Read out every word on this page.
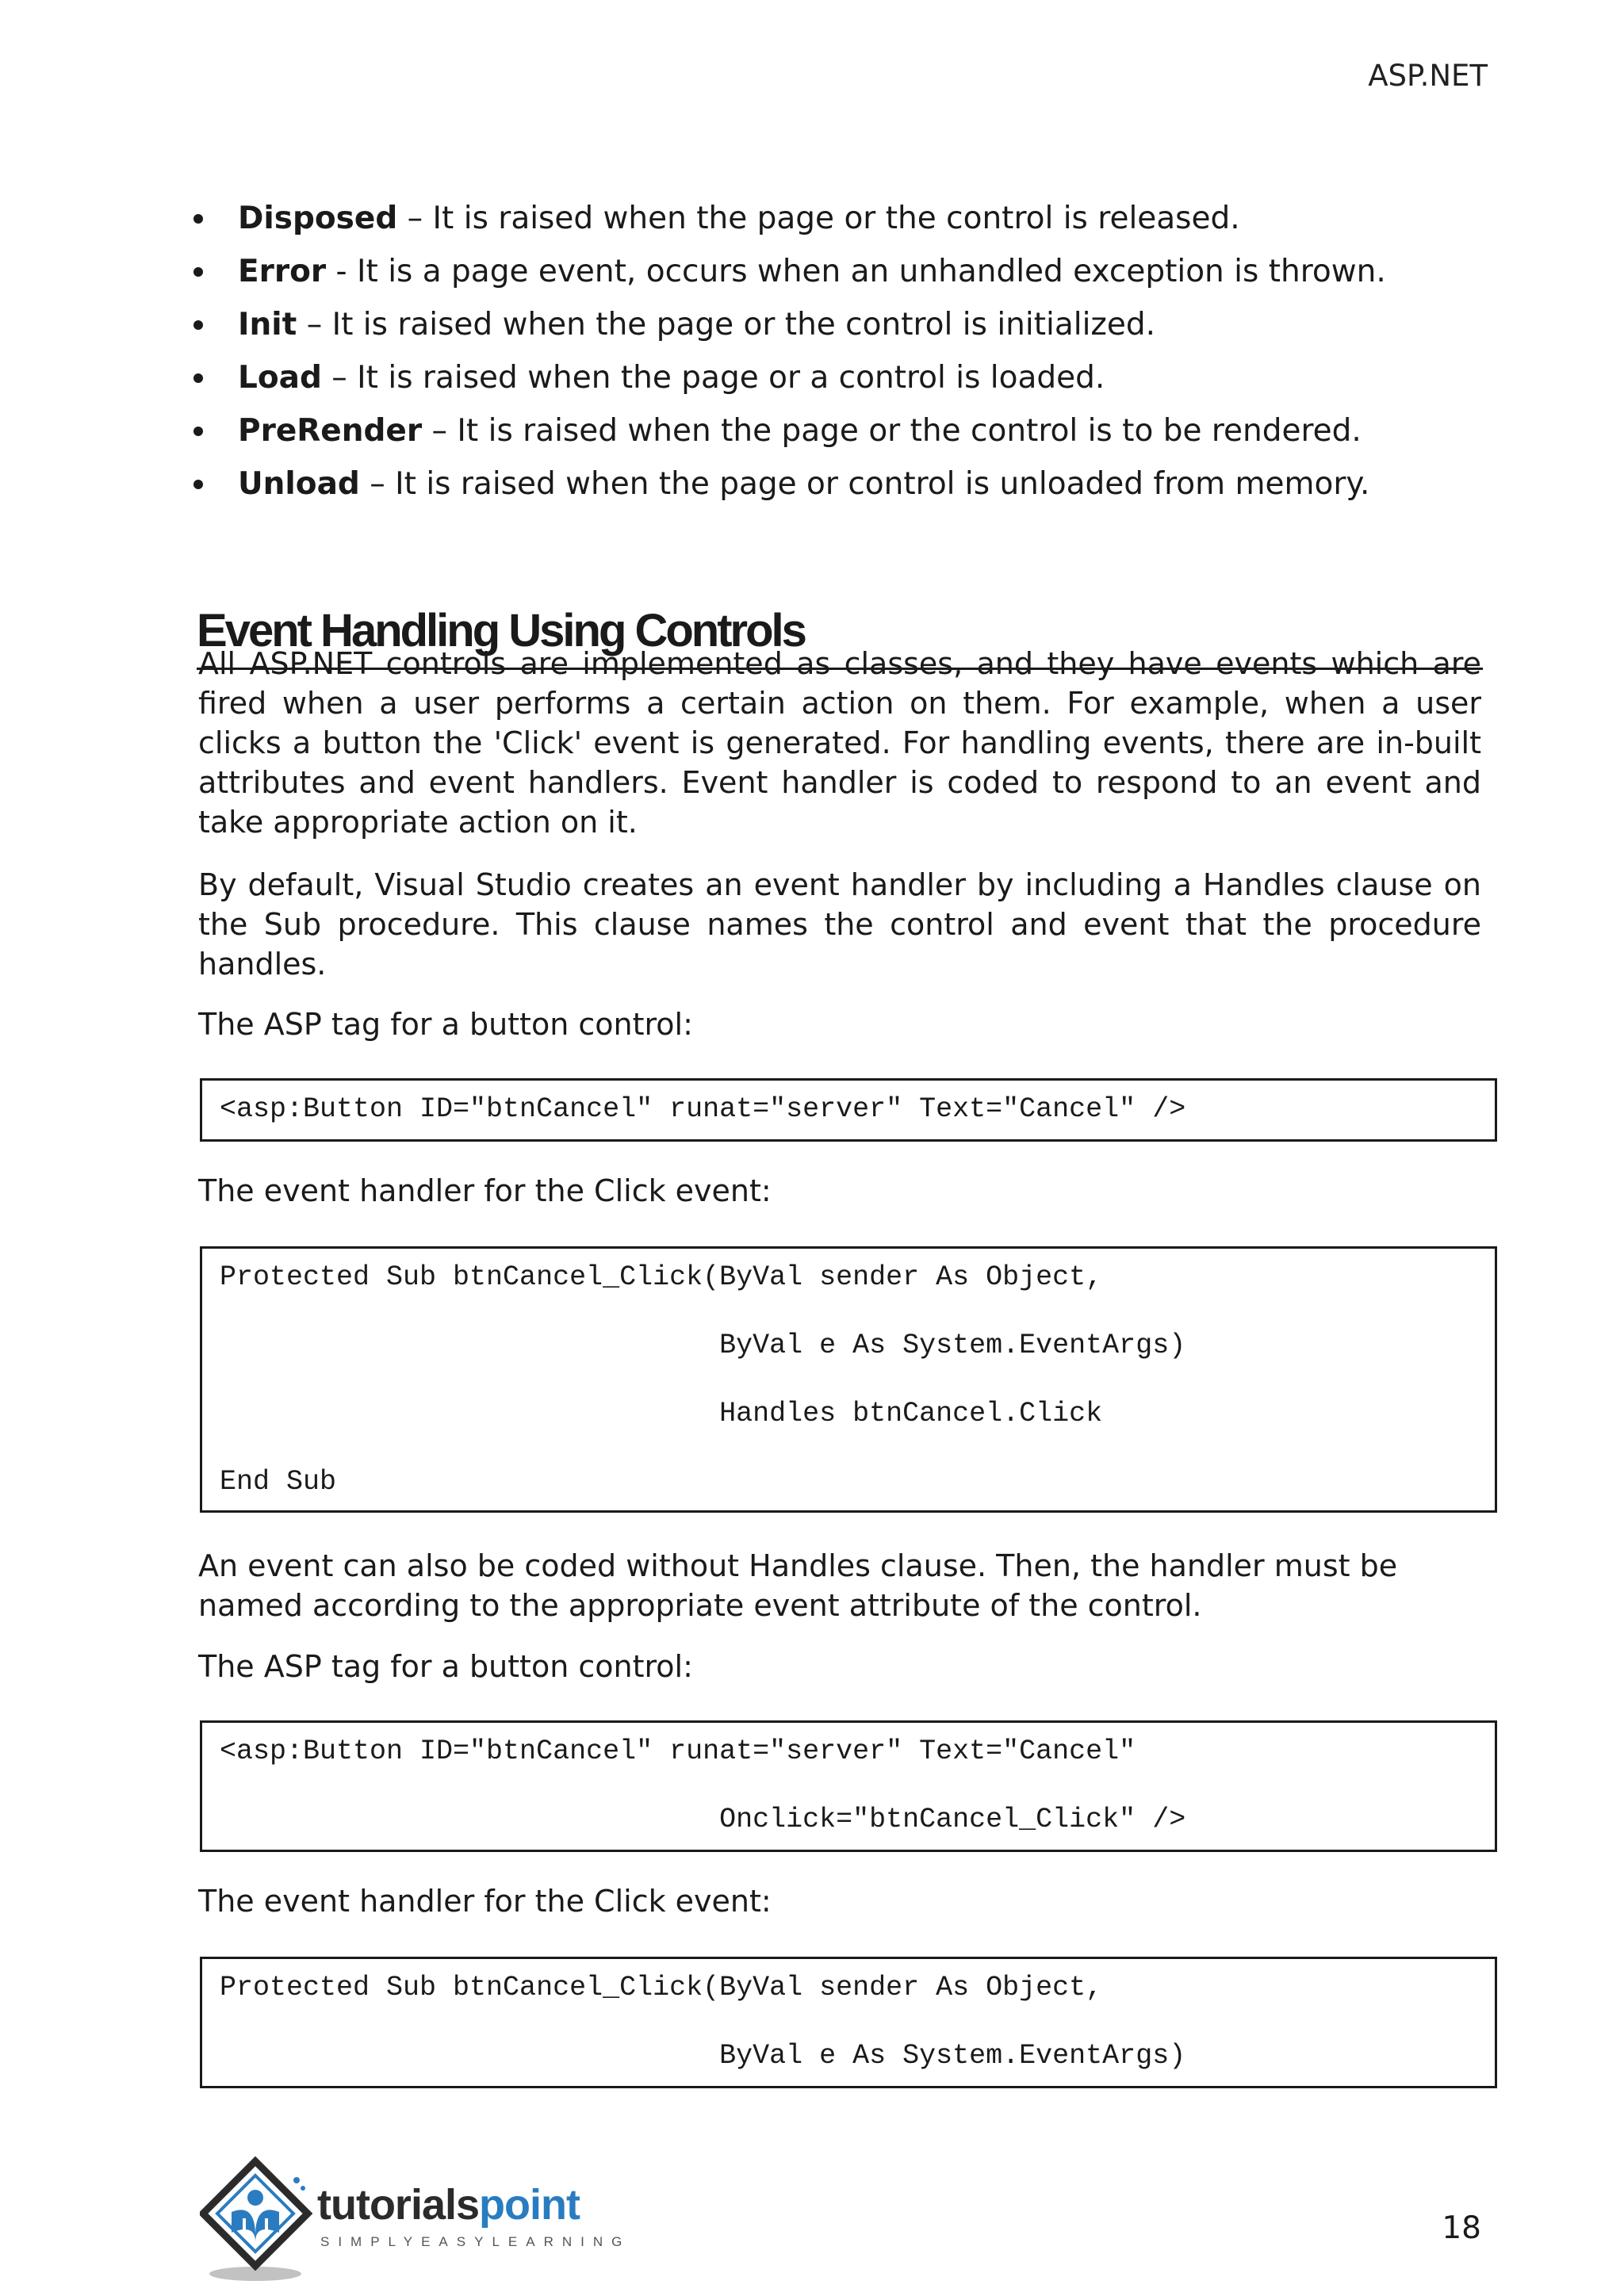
ASP.NET
Disposed – It is raised when the page or the control is released.
Error - It is a page event, occurs when an unhandled exception is thrown.
Init – It is raised when the page or the control is initialized.
Load – It is raised when the page or a control is loaded.
PreRender – It is raised when the page or the control is to be rendered.
Unload – It is raised when the page or control is unloaded from memory.
Event Handling Using Controls

All ASP.NET controls are implemented as classes, and they have events which are fired when a user performs a certain action on them. For example, when a user clicks a button the 'Click' event is generated. For handling events, there are in-built attributes and event handlers. Event handler is coded to respond to an event and take appropriate action on it.

By default, Visual Studio creates an event handler by including a Handles clause on the Sub procedure. This clause names the control and event that the procedure handles.

The ASP tag for a button control:

<asp:Button ID="btnCancel" runat="server" Text="Cancel" />

The event handler for the Click event:

Protected Sub btnCancel_Click(ByVal sender As Object,
ByVal e As System.EventArgs)
Handles btnCancel.Click
End Sub

An event can also be coded without Handles clause. Then, the handler must be named according to the appropriate event attribute of the control.

The ASP tag for a button control:

<asp:Button ID="btnCancel" runat="server" Text="Cancel"
Onclick="btnCancel_Click" />

The event handler for the Click event:

Protected Sub btnCancel_Click(ByVal sender As Object,
ByVal e As System.EventArgs)
tutorialspoint
SIMPLYEASYLEARNING	18
